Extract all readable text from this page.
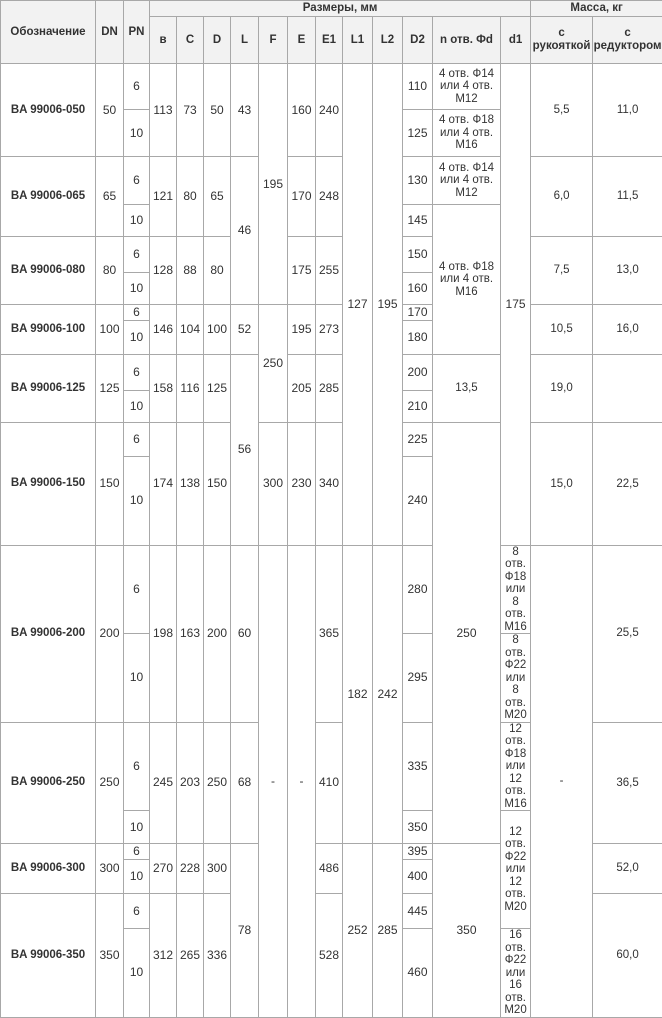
Обозначение	DN	PN	Размеры, мм												Масса, кг		
			в	C	D	L	F	E	E1	L1	L2	D2	n отв. Фd	d1	с рукояткой	с редуктором	
BA 99006-050	50	6	113	73	50	43	195	160	240	127	195	110	4 отв. Ф14 или 4 отв. М12	175	5,5	11,0	
		10										125	4 отв. Ф18 или 4 отв. М16				
BA 99006-065	65	6	121	80	65	46		170	248			130	4 отв. Ф14 или 4 отв. М12		6,0	11,5	
		10										145	4 отв. Ф18 или 4 отв. М16				
BA 99006-080	80	6	128	88	80			175	255			150			7,5	13,0	
		10										160					
BA 99006-100	100	6	146	104	100	52	250	195	273			170			10,5	16,0	
		10										180	
BA 99006-125	125	6	158	116	125	56		205	285			200	13,5		19,0		
		10										210					
BA 99006-150	150	6	174	138	150		300	230	340			225	250		15,0	22,5	
		10										240	
BA 99006-200	200	6	198	163	200	60	-	-	365	182	242	280		8 отв. Ф18 или 8 отв. М16	-	25,5	
		10										295		8 отв. Ф22 или 8 отв. М20			
BA 99006-250	250	6	245	203	250	68			410			335		12 отв. Ф18 или 12 отв. М16		36,5	
		10										350		12 отв. Ф22 или 12 отв. М20			
BA 99006-300	300	6	270	228	300	78			486	252	285	395	350			52,0	
		10										400					
BA 99006-350	350	6	312	265	336				528			445				60,0	
		10										460		16 отв. Ф22 или 16 отв. М20			
